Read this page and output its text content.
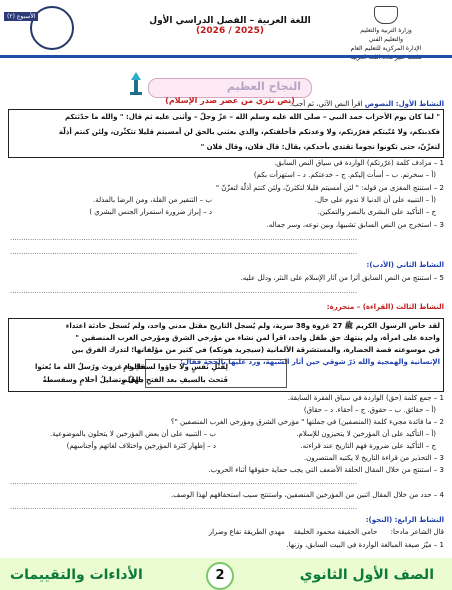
وزارة التربية والتعليم
والتعليم الفني
الإدارة المركزية للتعليم العام
اللغة العربية – الفصل الدراسي الأول (2025 / 2026)
الأسبوع (٢)
النجاح العظيم
(نص نثري من عصر صدر الإسلام)	النشاط الأول: النصوص اقرأ النص الآتي، ثم أجب:
" لما كان يوم الأحزاب حمد النبي – صلى الله عليه وسلم الله – عزّ وجلّ – وأثنى عليه ثم قال: " والله ما حدّثتكم
فكذبتكم، ولا مُنّيتكم فغرّرتكم، ولا وعدتكم فأخلفتكم، والذي بعثني بالحق لن أمسيتم قليلا تتكثّرن، ولئن كنتم أذلّة
لتعزّنّ، حتى تكونوا نجوما تقتدي بأحدكم، يقال: قال فلان، وقال فلان "
1 – مرادف كلمة (غرّرتكم) الواردة في سياق النص السابق.
(أ – سخرتم. ب – أسأت إليكم. ج – خدعتكم. د – استهزأت بكم)
2 – استنتج المغزى من قوله: " لئن أمسيتم قليلا لتكثرنّ، ولئن كنتم أذلّة لتعزّنّ "
(أ – التنبيه على أن الدنيا لا تدوم على حال.
ب – التنفير من القلة، ومن الرضا بالمذلة.
ج – التأكيد على البشرى بالنصر والتمكين.
د – إبراز ضرورة استمرار الجنس البشري )
3 – استخرج من النص السابق تشبيها، وبين نوعه، وسر جماله.
............................................................................................................................................................
............................................................................................................................................................
النشاط الثاني (الأدب):
5 – استنتج من النص السابق أثرا من آثار الإسلام على النثر، ودلل عليه.
............................................................................................................................................................
النشاط الثالث (القراءة) – متحررة:
لقد خاض الرسول الكريم ﷺ 27 غزوة و38 سرية، ولم يُسجل التاريخ مقتل مدني واحد، ولم تُسجل حادثة اعتداء
واحدة على امرأة، ولم ينتهك حق طفل واحد، اقرأ لمن نشاء من مؤرخي الشرق ومؤرخي الغرب المنصفين "
في موسوعته قصة الحضارة، والمستشرقة الألمانية (سيجريد هونكه) في كثير من مؤلفاتها؛ لتدرك الفرق بين
الإنسانية والهمجية والله دَرّ شوقي حين أثار الشبهة، ورد عليها بالحجة فقال:
قالوا: غزوتَ ورُسلُ الله ما بُعثوا
لِقَتْلِ نَفسٍ ولا جاؤوا لسفكِ دمِ
جهلٌ وتضليلُ أحلامٍ وسفسطةٌ
فَتحتَ بالسيفِ بعد الفتحِ بالقلمِ
1 – جمع كلمة (حق) الواردة في سياق الفقرة السابقة.
(أ – حقائق. ب – حقوق. ج – أحقاء. د – حقاق)
2 – ما فائدة مجيء كلمة (المنصفين) في جملتها " مؤرخي الشرق ومؤرخي الغرب المنصفين "؟
(أ – التأكيد على أن المؤرخين لا يتحيزون للإسلام.
ب – التنبيه على أن بعض المؤرخين لا يتحلون بالموضوعية.
ج – التأكيد على ضرورة فهم التاريخ عند قراءته.
د – إظهار كثرة المؤرخين واختلاف لغاتهم وأجناسهم)
3 – التحذير من قراءة التاريخ لا يكتبه المنتصرون.
3 – استنتج من خلال المقال الحلقة الأضعف التي يجب حماية حقوقها أثناء الحروب.
............................................................................................................................................................
4 – حدد من خلال المقال اثنين من المؤرخين المنصفين، واستنتج سبب استحقاقهم لهذا الوصف.
............................................................................................................................................................
النشاط الرابع: (النحو):
قال الشاعر مادحا:      حامي الحقيقة محمود الخليقة    مهدي الطريقة نفاع وضرار
1 – ميّز صيغة المبالغة الواردة في البيت السابق، وزنها.
الصف الأول الثانوي
2
الأداءات والتقييمات
